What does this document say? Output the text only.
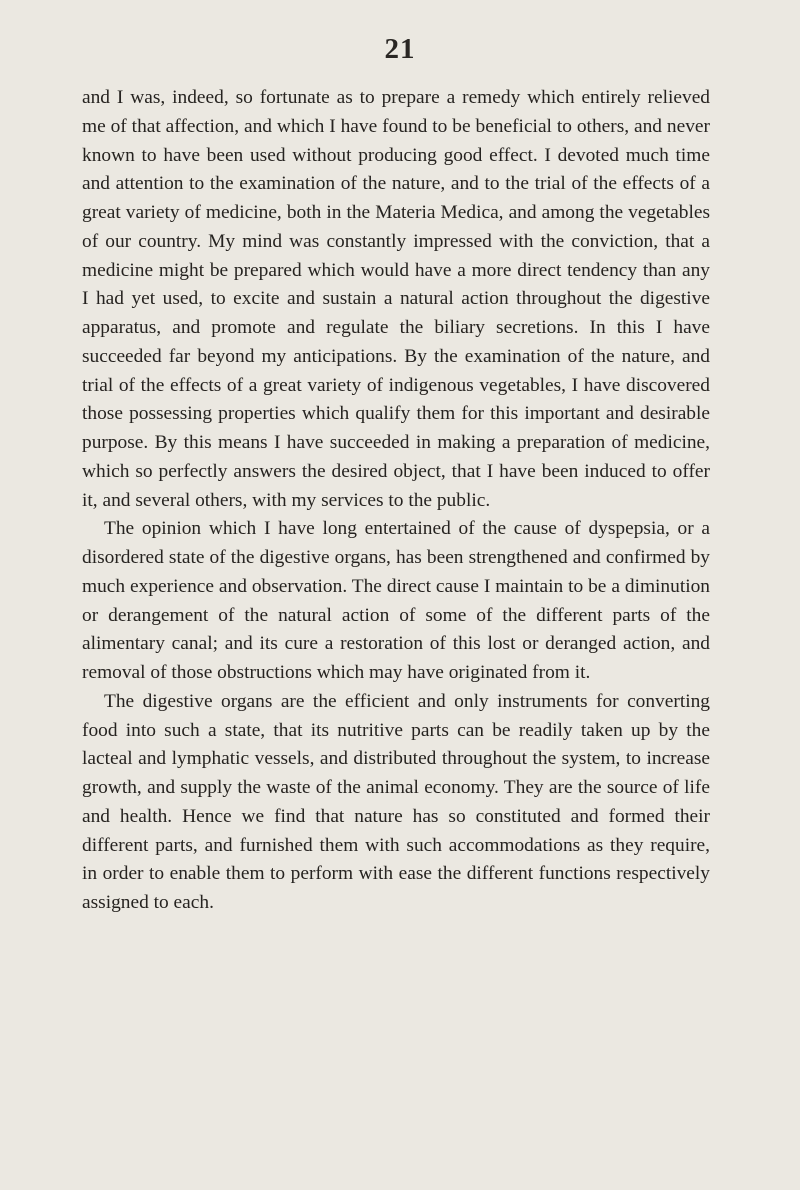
21

and I was, indeed, so fortunate as to prepare a remedy which entirely relieved me of that affection, and which I have found to be beneficial to others, and never known to have been used without producing good effect. I devoted much time and attention to the examination of the nature, and to the trial of the effects of a great variety of medicine, both in the Materia Medica, and among the vegetables of our country. My mind was constantly impressed with the conviction, that a medicine might be prepared which would have a more direct tendency than any I had yet used, to excite and sustain a natural action throughout the digestive apparatus, and promote and regulate the biliary secretions. In this I have succeeded far beyond my anticipations. By the examination of the nature, and trial of the effects of a great variety of indigenous vegetables, I have discovered those possessing properties which qualify them for this important and desirable purpose. By this means I have succeeded in making a preparation of medicine, which so perfectly answers the desired object, that I have been induced to offer it, and several others, with my services to the public.

The opinion which I have long entertained of the cause of dyspepsia, or a disordered state of the digestive organs, has been strengthened and confirmed by much experience and observation. The direct cause I maintain to be a diminution or derangement of the natural action of some of the different parts of the alimentary canal; and its cure a restoration of this lost or deranged action, and removal of those obstructions which may have originated from it.

The digestive organs are the efficient and only instruments for converting food into such a state, that its nutritive parts can be readily taken up by the lacteal and lymphatic vessels, and distributed throughout the system, to increase growth, and supply the waste of the animal economy. They are the source of life and health. Hence we find that nature has so constituted and formed their different parts, and furnished them with such accommodations as they require, in order to enable them to perform with ease the different functions respectively assigned to each.
